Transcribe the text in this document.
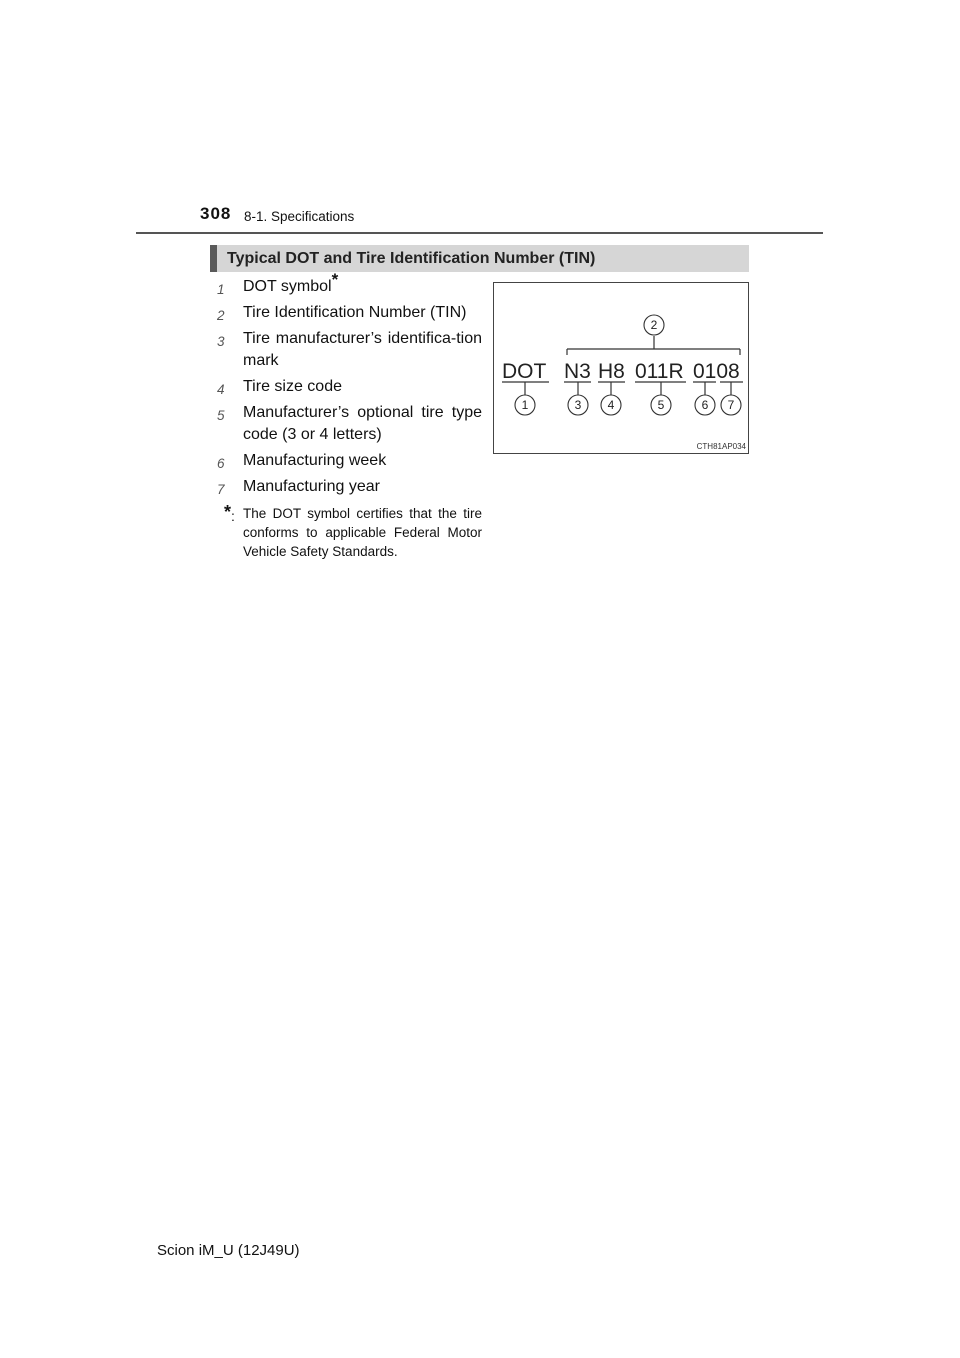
308 8-1. Specifications
Typical DOT and Tire Identification Number (TIN)
1 DOT symbol*
2 Tire Identification Number (TIN)
3 Tire manufacturer’s identifica-tion mark
4 Tire size code
5 Manufacturer’s optional tire type code (3 or 4 letters)
6 Manufacturing week
7 Manufacturing year
*: The DOT symbol certifies that the tire conforms to applicable Federal Motor Vehicle Safety Standards.
DOT N3 H8 011R 0108
2
1	3 4	5	6 7
CTH81AP034
Scion iM_U (12J49U)
